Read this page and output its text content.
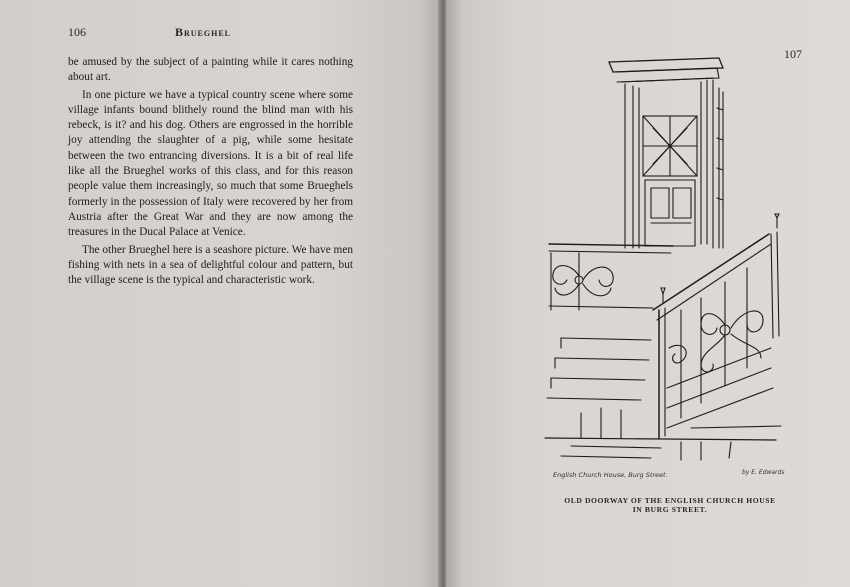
106	Brueghel

be amused by the subject of a painting while it cares nothing about art.

In one picture we have a typical country scene where some village infants bound blithely round the blind man with his rebeck, is it? and his dog. Others are engrossed in the horrible joy attending the slaughter of a pig, while some hesitate between the two entrancing diversions. It is a bit of real life like all the Brueghel works of this class, and for this reason people value them increasingly, so much that some Brueghels formerly in the possession of Italy were recovered by her from Austria after the Great War and they are now among the treasures in the Ducal Palace at Venice.

The other Brueghel here is a seashore picture. We have men fishing with nets in a sea of delightful colour and pattern, but the village scene is the typical and characteristic work.

107
English Church House, Burg Street.	by E. Edwards
OLD DOORWAY OF THE ENGLISH CHURCH HOUSE
IN BURG STREET.
